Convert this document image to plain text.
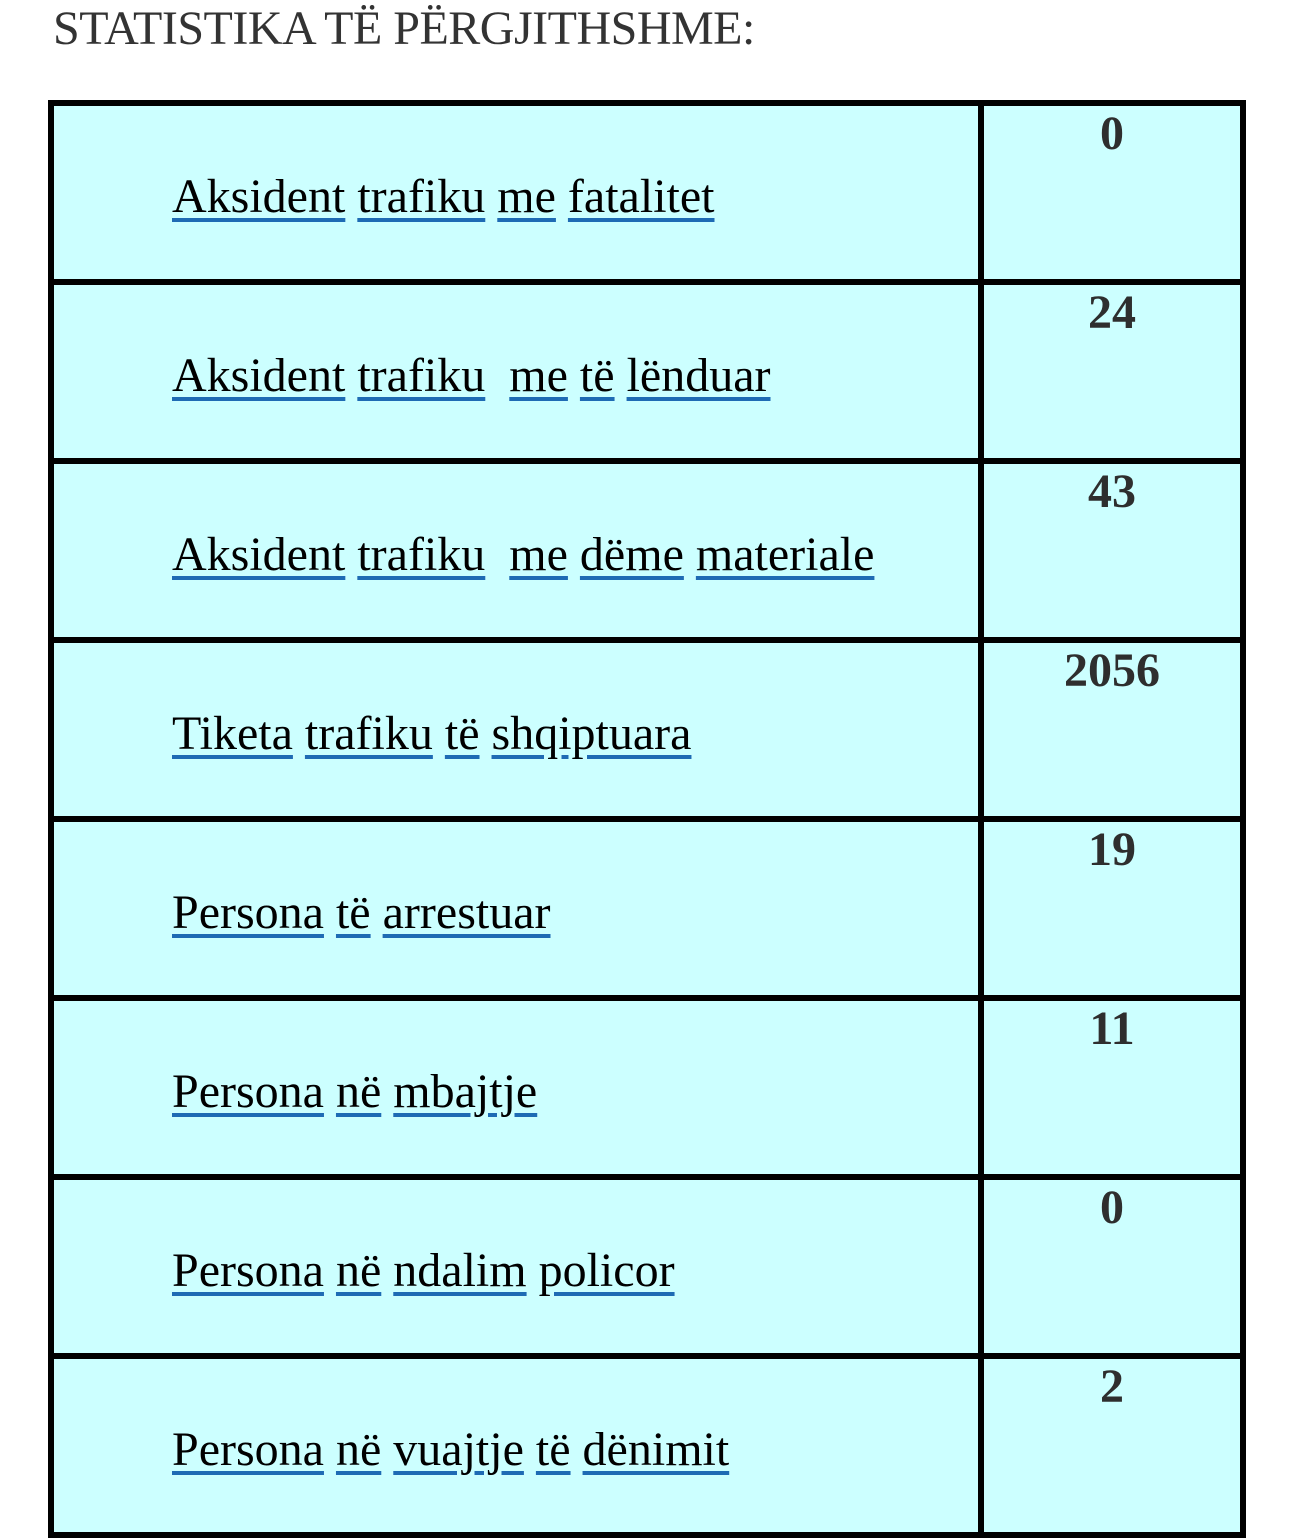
STATISTIKA TË PËRGJITHSHME:

Aksident trafiku me fatalitet	0

Aksident trafiku me të lënduar	24

Aksident trafiku me dëme materiale	43

Tiketa trafiku të shqiptuara	2056

Persona të arrestuar	19

Persona në mbajtje	11

Persona në ndalim policor	0

Persona në vuajtje të dënimit	2
